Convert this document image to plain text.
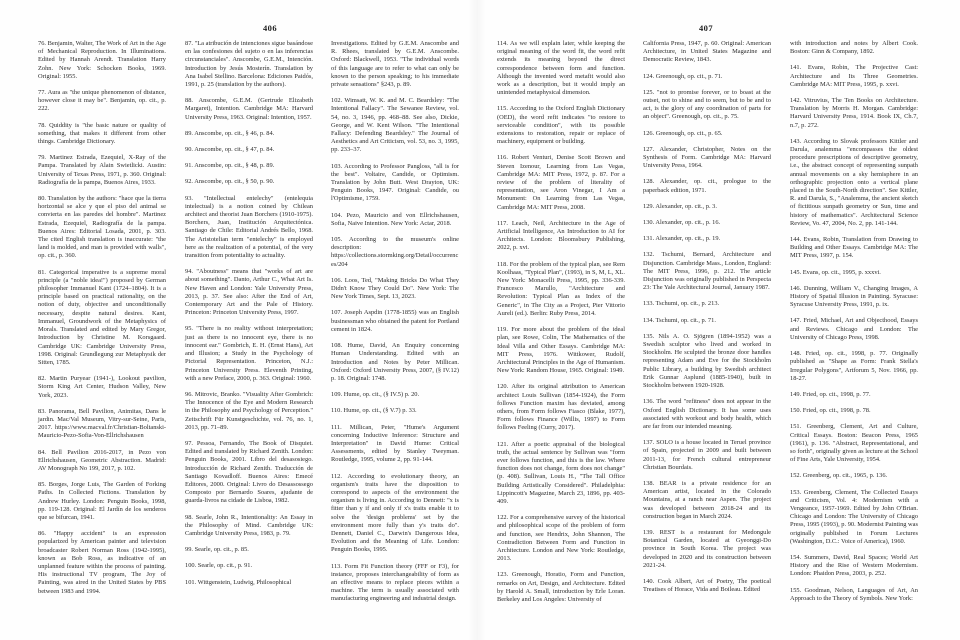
406

76. Benjamin, Walter, The Work of Art in the Age of Mechanical Reproduction. In Illuminations. Edited by Hannah Arendt. Translation Harry Zohn. New York: Schocken Books, 1969. Original: 1955.

77. Aura as "the unique phenomenon of distance, however close it may be". Benjamin, op. cit., p. 222.

78. Quiddity is "the basic nature or quality of something, that makes it different from other things. Cambridge Dictionary.

79. Martinez Estrada, Ezequiel, X-Ray of the Pampa. Translated by Alain Swietlicki. Austin: University of Texas Press, 1971, p. 360. Original: Radiografía de la pampa, Buenos Aires, 1933.

80. Translation by the authors: "hace que la tierra horizontal se alce y que el piso del animal se convierta en las paredes del hombre". Martinez Estrada, Ezequiel, Radiografía de la pampa. Buenos Aires: Editorial Losada, 2001, p. 303. The cited English translation is inaccurate: "the land is molded, and man is provided with walls", op. cit., p. 360.

81. Categorical imperative is a supreme moral principle (a "noble idea!") proposed by German philosopher Immanuel Kant (1724–1804). It is a principle based on practical rationality, on the notion of duty, objective and unconditionally necessary, despite natural desires. Kant, Immanuel, Groundwork of the Metaphysics of Morals. Translated and edited by Mary Gregor, Introduction by Christine M. Korsgaard. Cambridge UK: Cambridge University Press, 1998. Original: Grundlegung zur Metaphysik der Sitten, 1785.

82. Martin Puryear (1941-), Lookout pavilion, Storm King Art Center, Hudson Valley, New York, 2023.

83. Panorama, Bell Pavilion, Animitas, Dans le jardin. Mac/Val Museum, Vitry-sur-Seine, Paris, 2017. https://www.macval.fr/Christian-Boltanski-Mauricio-Pezo-Sofia-Von-Ellrichshausen

84. Bell Pavilion 2016-2017, in Pezo von Ellrichshausen, Geometric Abstraction. Madrid: AV Monograph No 199, 2017, p. 102.

85. Borges, Jorge Luis, The Garden of Forking Paths. In Collected Fictions. Translation by Andrew Hurley. London: Penguin Books, 1998, pp. 119-128. Original: El Jardín de los senderos que se bifurcan, 1941.

86. "Happy accident" is an expression popularized by American painter and television broadcaster Robert Norman Ross (1942-1995), known as Bob Ross, as indicative of an unplanned feature within the process of painting. His instructional TV program, The Joy of Painting, was aired in the United States by PBS between 1983 and 1994.

87. "La atribución de intenciones sigue basándose en las confesiones del sujeto o en las inferencias circunstanciales". Anscombe, G.E.M., Intención. Introduction by Jesús Mosterín. Translation by Ana Isabel Stellino. Barcelona: Ediciones Paidós, 1991, p. 25 (translation by the authors).

88. Anscombe, G.E.M. (Gertrude Elizabeth Margaret), Intention. Cambridge MA: Harvard University Press, 1963. Original: Intention, 1957.

89. Anscombe, op. cit., § 46, p. 84.

90. Anscombe, op. cit., § 47, p. 84.

91. Anscombe, op. cit., § 48, p. 89.

92. Anscombe, op. cit., § 50, p. 90.

93. "Intellectual entelechy" (entelequia intelectual) is a notion coined by Chilean architect and theorist Juan Borchers (1910-1975). Borchers, Juan, Institución Arquitectónica. Santiago de Chile: Editorial Andrés Bello, 1968. The Aristotelian term "entelechy" is employed here as the realization of a potential, of the very transition from potentiality to actuality.

94. "Aboutness" means that "works of art are about something". Danto, Arthur C., What Art Is. New Haven and London: Yale University Press, 2013, p. 37. See also: After the End of Art, Contemporary Art and the Pale of History. Princeton: Princeton University Press, 1997.

95. "There is no reality without interpretation; just as there is no innocent eye, there is no innocent ear." Gombrich, E. H. (Ernst Hans), Art and Illusion; a Study in the Psychology of Pictorial Representation. Princeton, N.J.: Princeton University Press. Eleventh Printing, with a new Preface, 2000, p. 363. Original: 1960.

96. Mitrovic, Branko. "Visuality After Gombrich: The Innocence of the Eye and Modern Research in the Philosophy and Psychology of Perception." Zeitschrift Für Kunstgeschichte, vol. 76, no. 1, 2013, pp. 71–89.

97. Pessoa, Fernando, The Book of Disquiet. Edited and translated by Richard Zenith. London: Penguin Books, 2001. Libro del desasosiego. Introducción de Richard Zenith. Traducción de Santiago Kovadloff. Buenos Aires: Emecé Editores, 2000. Original: Livro do Desassossego Composto por Bernardo Soares, ajudante de guarda-livros na cidade de Lisboa, 1982.

98. Searle, John R., Intentionality: An Essay in the Philosophy of Mind. Cambridge UK: Cambridge University Press, 1983, p. 79.

99. Searle, op. cit., p. 85.

100. Searle, op. cit., p. 91.

101. Wittgenstein, Ludwig, Philosophical

Investigations. Edited by G.E.M. Anscombe and R. Rhees, translated by G.E.M. Anscombe. Oxford: Blackwell, 1953. "The individual words of this language are to refer to what can only be known to the person speaking; to his immediate private sensations" §243, p. 89.

102. Wimsatt, W. K. and M. C. Beardsley: "The Intentional Fallacy". The Sewanee Review, vol. 54, no. 3, 1946, pp. 468–88. See also, Dickie, George, and W. Kent Wilson. "The Intentional Fallacy: Defending Beardsley." The Journal of Aesthetics and Art Criticism, vol. 53, no. 3, 1995, pp. 233–37.

103. According to Professor Pangloss, "all is for the best". Voltaire, Candide, or Optimism. Translation by John Butt. West Drayton, UK: Penguin Books, 1947. Original: Candide, ou l'Optimisme, 1759.

104. Pezo, Mauricio and von Ellrichshausen, Sofia, Naive Intention. New York: Actar, 2018.

105. According to the museum's online description: https://collections.stormking.org/Detail/occurrences/204

106. Loos, Ted, "Making Bricks Do What They Didn't Know They Could Do". New York: The New York Times, Sept. 13, 2023.

107. Joseph Aspdin (1778-1855) was an English businessman who obtained the patent for Portland cement in 1824.

108. Hume, David, An Enquiry concerning Human Understanding. Edited with an Introduction and Notes by Peter Millican. Oxford: Oxford University Press, 2007, (§ IV.12) p. 18. Original: 1748.

109. Hume, op. cit., (§ IV.5) p. 20.

110. Hume, op. cit., (§ V.7) p. 33.

111. Millican, Peter, "Hume's Argument concerning Inductive Inference: Structure and Interpretation" in David Hume: Critical Assessments, edited by Stanley Tweyman. Routledge, 1995, volume 2, pp. 91-144.

112. According to evolutionary theory, an organism's traits have the disposition to correspond to aspects of the environment the organism is living in. According to Dennett: "x is fitter than y if and only if x's traits enable it to solve the 'design problems' set by the environment more fully than y's traits do". Dennett, Daniel C., Darwin's Dangerous Idea, Evolution and the Meaning of Life. London: Penguin Books, 1995.

113. Form Fit Function theory (FFF or F3), for instance, proposes interchangeability of form as an effective means to replace pieces within a machine. The term is usually associated with manufacturing engineering and industrial design.

407

114. As we will explain later, while keeping the original meaning of the word fit, the word refit extends its meaning beyond the direct correspondence between form and function. Although the invented word metafit would also work as a description, but it would imply an unintended metaphysical dimension.

115. According to the Oxford English Dictionary (OED), the word refit indicates "to restore to serviceable condition", with its possible extensions to restoration, repair or replace of machinery, equipment or building.

116. Robert Venturi, Denise Scott Brown and Steven Izenour, Learning from Las Vegas, Cambridge MA: MIT Press, 1972, p. 87. For a review of the problem of literality of representation, see Aron Vinegar, I Am a Monument: On Learning from Las Vegas, Cambridge MA: MIT Press, 2008.

117. Leach, Neil, Architecture in the Age of Artificial Intelligence, An Introduction to AI for Architects. London: Bloomsbury Publishing, 2022, p. xvi.

118. For the problem of the typical plan, see Rem Koolhaas, "Typical Plan", (1993), in S, M, L, XL. New York: Monacelli Press, 1995, pp. 336-339. Francesco Marullo, "Architecture and Revolution: Typical Plan as Index of the Generic", in The City as a Project, Pier Vittorio Aureli (ed.). Berlin: Ruby Press, 2014.

119. For more about the problem of the ideal plan, see Rowe, Colin, The Mathematics of the Ideal Villa and Other Essays. Cambridge MA: MIT Press, 1976. Wittkower, Rudolf, Architectural Principles in the Age of Humanism. New York: Random House, 1965. Original: 1949.

120. After its original attribution to American architect Louis Sullivan (1854-1924), the Form follows Function maxim has deviated, among others, from Form follows Fiasco (Blake, 1977), Form follows Finance (Willis, 1997) to Form follows Feeling (Curry, 2017).

121. After a poetic appraisal of the biological truth, the actual sentence by Sullivan was "form ever follows function, and this is the law. Where function does not change, form does not change" (p. 408). Sullivan, Louis H., "The Tall Office Building Artistically Considered". Philadelphia: Lippincott's Magazine, March 23, 1896, pp. 403-409.

122. For a comprehensive survey of the historical and philosophical scope of the problem of form and function, see Hendrix, John Shannon, The Contradiction Between Form and Function in Architecture. London and New York: Routledge, 2013.

123. Greenough, Horatio, Form and Function, remarks on Art, Design, and Architecture. Edited by Harold A. Small, introduction by Erle Loran. Berkeley and Los Angeles: University of

California Press, 1947, p. 60. Original: American Architecture, in United States Magazine and Democratic Review, 1843.

124. Greenough, op. cit., p. 71.

125. "not to promise forever, or to boast at the outset, not to shine and to seem, but to be and to act, is the glory of any coordination of parts for an object". Greenough, op. cit., p. 75.

126. Greenough, op. cit., p. 65.

127. Alexander, Christopher, Notes on the Synthesis of Form. Cambridge MA: Harvard University Press, 1964.

128. Alexander, op. cit., prologue to the paperback edition, 1971.

129. Alexander, op. cit., p. 3.

130. Alexander, op. cit., p. 16.

131. Alexander, op. cit., p. 19.

132. Tschumi, Bernard, Architecture and Disjunction. Cambridge Mass., London, England: The MIT Press, 1996, p. 212. The article Disjunction was originally published in Perspecta 23: The Yale Architectural Journal, January 1987.

133. Tschumi, op. cit., p. 213.

134. Tschumi, op. cit., p. 71.

135. Nils A. O. Sjögren (1894-1952) was a Swedish sculptor who lived and worked in Stockholm. He sculpted the bronze door handles representing Adam and Eve for the Stockholm Public Library, a building by Swedish architect Erik Gunnar Asplund (1885-1940), built in Stockholm between 1920-1928.

136. The word "refitness" does not appear in the Oxford English Dictionary. It has some uses associated with workout and body health, which are far from our intended meaning.

137. SOLO is a house located in Teruel province of Spain, projected in 2009 and built between 2011-13, for French cultural entrepreneur Christian Bourdais.

138. BEAR is a private residence for an American artist, located in the Colorado Mountains, at a ranch near Aspen. The project was developed between 2018-24 and its construction began in March 2024.

139. REST is a restaurant for Medongule Botanical Garden, located at Gyeonggi-Do province in South Korea. The project was developed in 2020 and its construction between 2021-24.

140. Cook Albert, Art of Poetry, The poetical Treatises of Horace, Vida and Boileau. Edited

with introduction and notes by Albert Cook. Boston: Ginn & Company, 1892.

141. Evans, Robin, The Projective Cast: Architecture and Its Three Geometries. Cambridge MA: MIT Press, 1995, p. xxvi.

142. Vitruvius, The Ten Books on Architecture. Translation by Morris H. Morgan. Cambridge: Harvard University Press, 1914. Book IX, Ch.7, n.7, p. 272.

143. According to Slovak professors Kittler and Darula, analemma "encompasses the oldest procedure prescriptions of descriptive geometry, i.e., the abstract concept of representing sunpath annual movements on a sky hemisphere in an orthographic projection onto a vertical plane placed in the South-North direction". See Kittler, R. and Darula, S., "Analemma, the ancient sketch of fictitious sunpath geometry or Sun, time and history of mathematics". Architectural Science Review, Vo. 47, 2004, No. 2, pp. 141-144.

144. Evans, Robin, Translation from Drawing to Building and Other Essays. Cambridge MA: The MIT Press, 1997, p. 154.

145. Evans, op. cit., 1995, p. xxxvi.

146. Dunning, William V., Changing Images, A History of Spatial Illusion in Painting. Syracuse: Syracuse University Press, 1991, p. ix.

147. Fried, Michael, Art and Objecthood, Essays and Reviews. Chicago and London: The University of Chicago Press, 1998.

148. Fried, op. cit., 1998, p. 77. Originally published as "Shape as Form: Frank Stella's Irregular Polygons", Artforum 5, Nov. 1966, pp. 18-27.

149. Fried, op. cit., 1998, p. 77.

150. Fried, op. cit., 1998, p. 78.

151. Greenberg, Clement, Art and Culture, Critical Essays. Boston: Beacon Press, 1965 (1961), p. 136. "Abstract, Representational, and so forth", originally given as lecture at the School of Fine Arts, Yale University, 1954.

152. Greenberg, op. cit., 1965, p. 136.

153. Greenberg, Clement, The Collected Essays and Criticism, Vol. 4: Modernism with a Vengeance, 1957-1969. Edited by John O'Brian. Chicago and London: The University of Chicago Press, 1995 (1993), p. 90. Modernist Painting was originally published in Forum Lectures (Washington, D.C.: Voice of America), 1960.

154. Summers, David, Real Spaces; World Art History and the Rise of Western Modernism. London: Phaidon Press, 2003, p. 252.

155. Goodman, Nelson, Languages of Art, An Approach to the Theory of Symbols. New York:
